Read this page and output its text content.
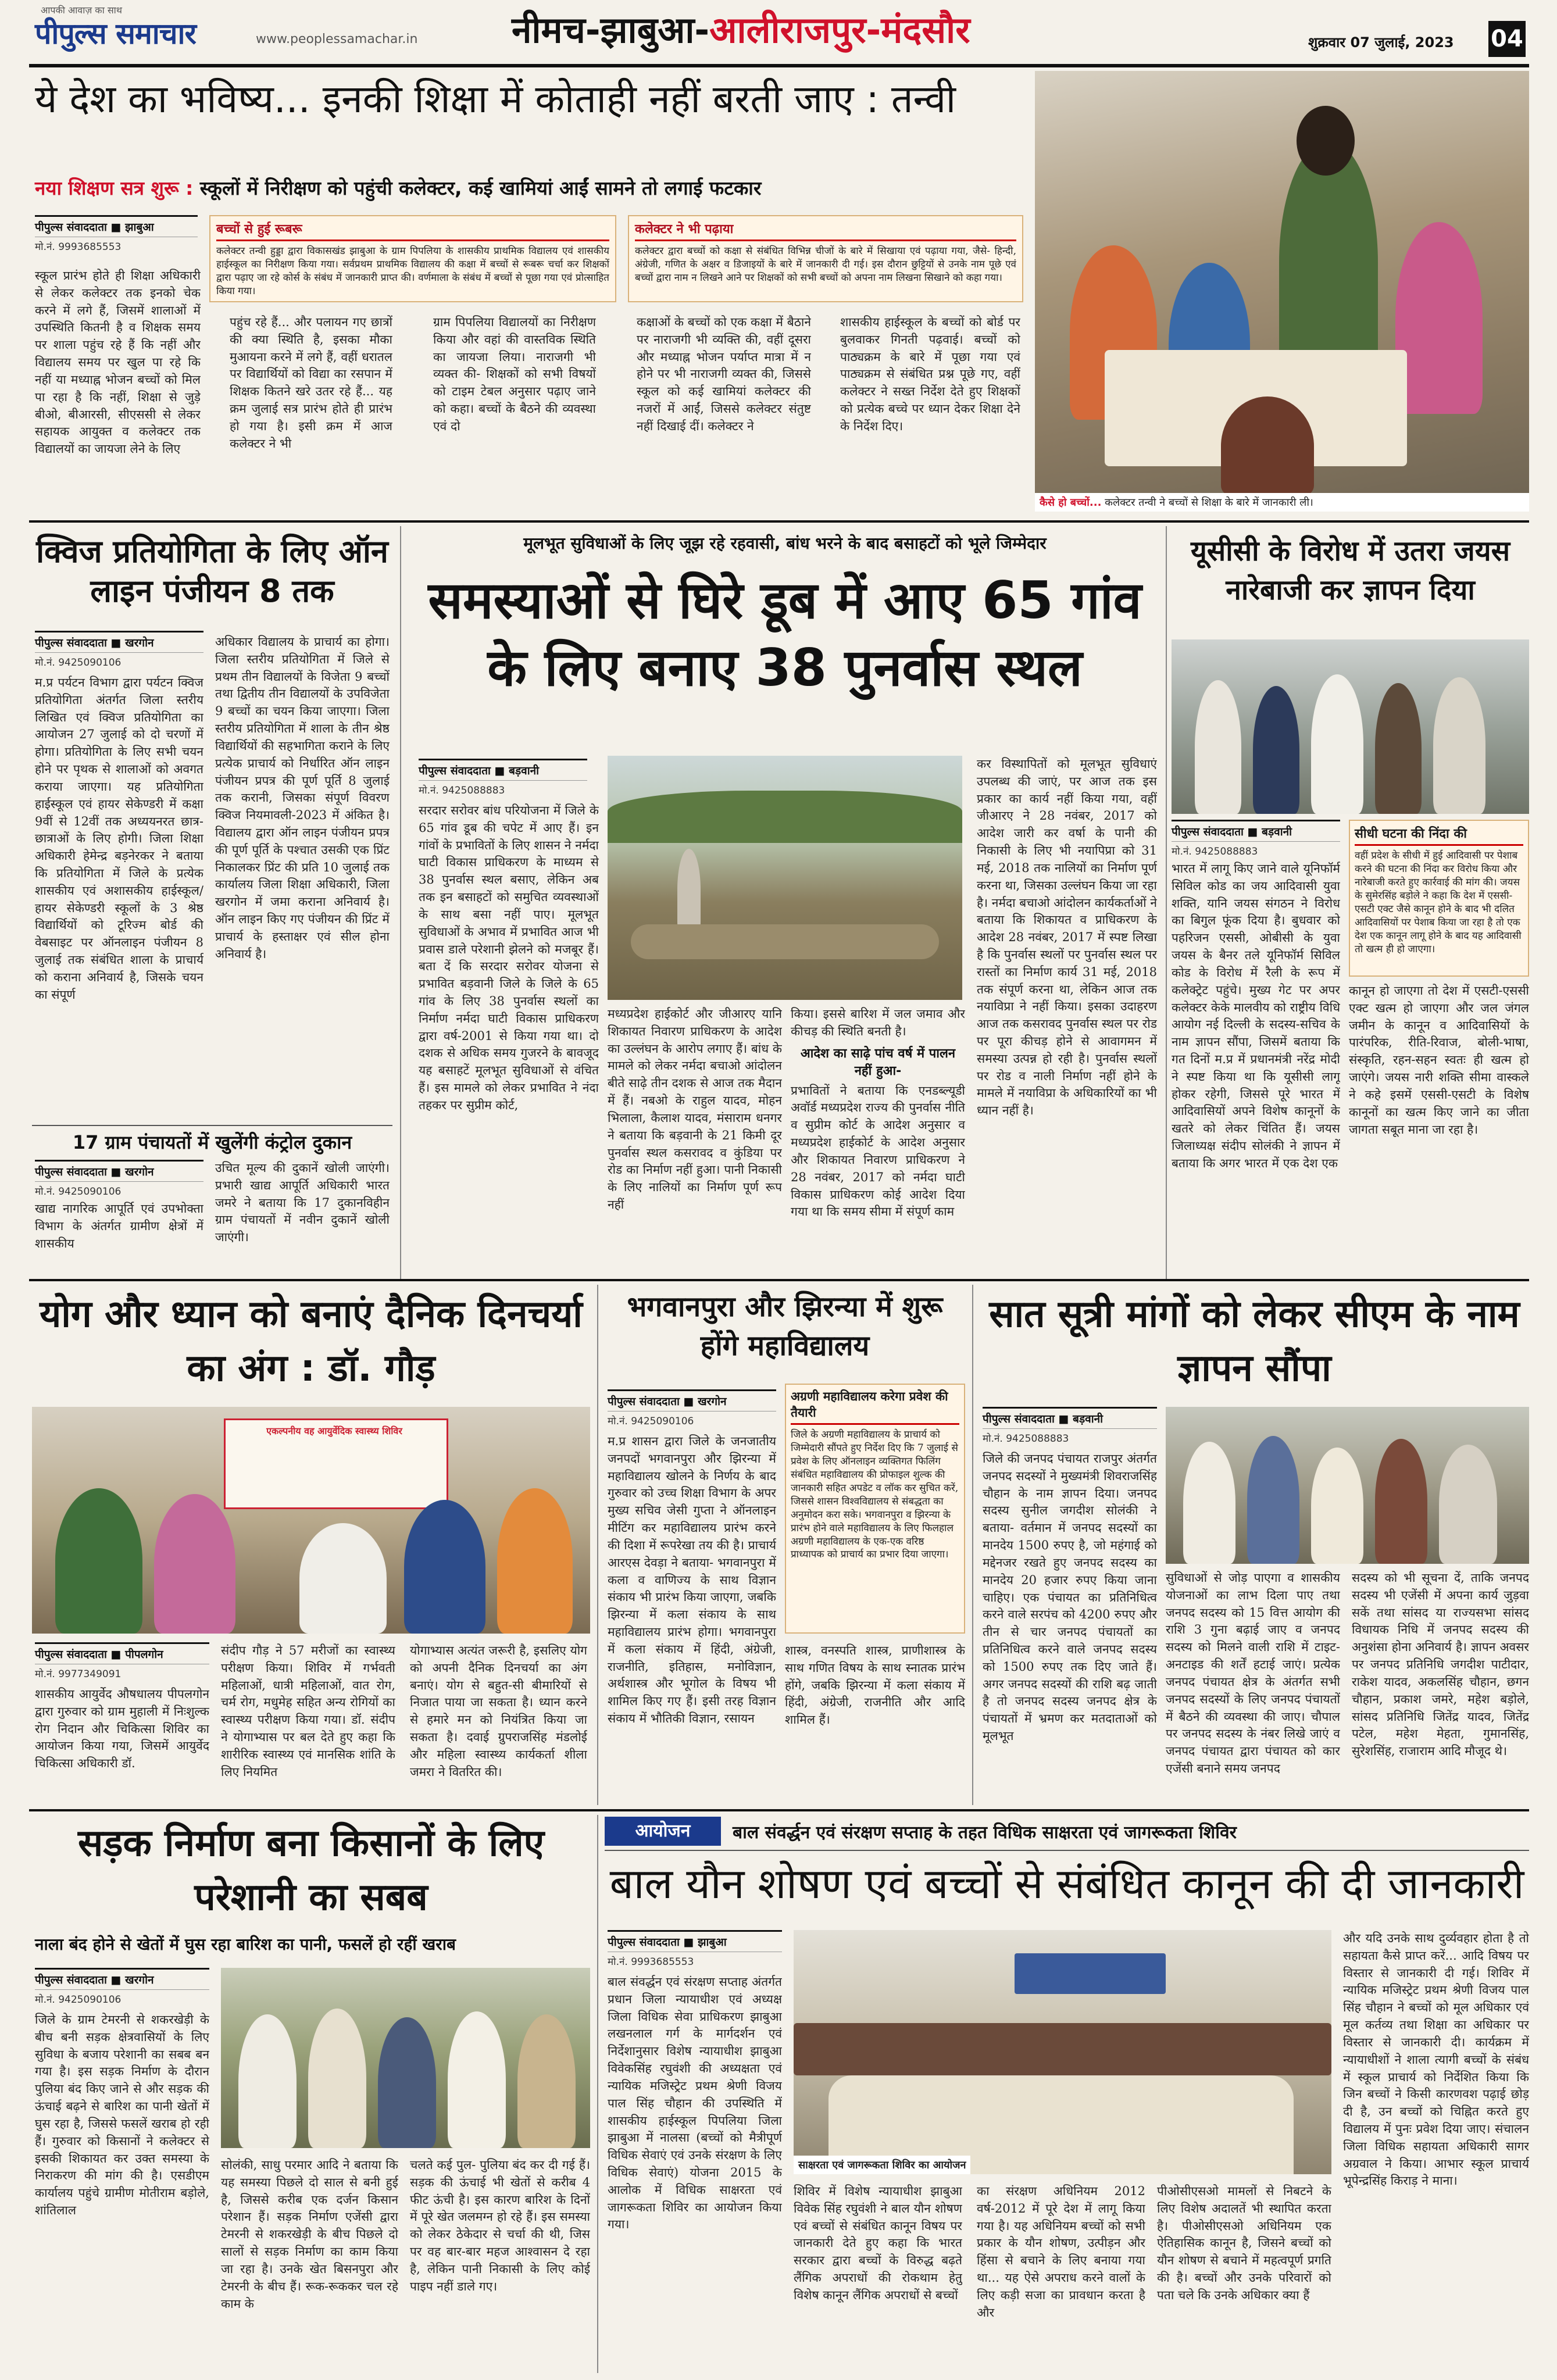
आपकी आवाज़ का साथ
पीपुल्स समाचार	www.peoplessamachar.in	नीमच-झाबुआ-आलीराजपुर-मंदसौर	शुक्रवार 07 जुलाई, 2023 04
ये देश का भविष्य... इनकी शिक्षा में कोताही नहीं बरती जाए : तन्वी
नया शिक्षण सत्र शुरू : स्कूलों में निरीक्षण को पहुंची कलेक्टर, कई खामियां आईं सामने तो लगाई फटकार
पीपुल्स संवाददाता ■ झाबुआ
मो.नं. 9993685553
बच्चों से हुई रूबरू
कलेक्टर तन्वी हुड्डा द्वारा विकासखंड झाबुआ के ग्राम पिपलिया के शासकीय प्राथमिक विद्यालय एवं शासकीय हाईस्कूल का निरीक्षण किया गया। सर्वप्रथम प्राथमिक विद्यालय की कक्षा में बच्चों से रूबरू चर्चा कर शिक्षकों द्वारा पढ़ाए जा रहे कोर्स के संबंध में जानकारी प्राप्त की। वर्णमाला के संबंध में बच्चों से पूछा गया एवं प्रोत्साहित किया गया।
कलेक्टर ने भी पढ़ाया
कलेक्टर द्वारा बच्चों को कक्षा से संबंधित विभिन्न चीजों के बारे में सिखाया एवं पढ़ाया गया, जैसे- हिन्दी, अंग्रेजी, गणित के अक्षर व डिजाइयों के बारे में जानकारी दी गई। इस दौरान छुट्टियों से उनके नाम पूछे एवं बच्चों द्वारा नाम न लिखने आने पर शिक्षकों को सभी बच्चों को अपना नाम लिखना सिखाने को कहा गया।
स्कूल प्रारंभ होते ही शिक्षा अधिकारी से लेकर कलेक्टर तक इनको चेक करने में लगे हैं, जिसमें शालाओं में उपस्थिति कितनी है व शिक्षक समय पर शाला पहुंच रहे हैं कि नहीं और विद्यालय समय पर खुल पा रहे कि नहीं या मध्याह्न भोजन बच्चों को मिल पा रहा है कि नहीं, शिक्षा से जुड़े बीओ, बीआरसी, सीएससी से लेकर सहायक आयुक्त व कलेक्टर तक विद्यालयों का जायजा लेने के लिए
पहुंच रहे हैं... और पलायन गए छात्रों की क्या स्थिति है, इसका मौका मुआयना करने में लगे हैं, वहीं धरातल पर विद्यार्थियों को विद्या का रसपान में शिक्षक कितने खरे उतर रहे हैं... यह क्रम जुलाई सत्र प्रारंभ होते ही प्रारंभ हो गया है। इसी क्रम में आज कलेक्टर ने भी
ग्राम पिपलिया विद्यालयों का निरीक्षण किया और वहां की वास्तविक स्थिति का जायजा लिया। नाराजगी भी व्यक्त की- शिक्षकों को सभी विषयों को टाइम टेबल अनुसार पढ़ाए जाने को कहा। बच्चों के बैठने की व्यवस्था एवं दो
कक्षाओं के बच्चों को एक कक्षा में बैठाने पर नाराजगी भी व्यक्ति की, वहीं दूसरा और मध्याह्न भोजन पर्याप्त मात्रा में न होने पर भी नाराजगी व्यक्त की, जिससे स्कूल को कई खामियां कलेक्टर की नजरों में आईं, जिससे कलेक्टर संतुष्ट नहीं दिखाई दीं। कलेक्टर ने
शासकीय हाईस्कूल के बच्चों को बोर्ड पर बुलवाकर गिनती पढ़वाई। बच्चों को पाठ्यक्रम के बारे में पूछा गया एवं पाठ्यक्रम से संबंधित प्रश्न पूछे गए, वहीं कलेक्टर ने सख्त निर्देश देते हुए शिक्षकों को प्रत्येक बच्चे पर ध्यान देकर शिक्षा देने के निर्देश दिए।
कैसे हो बच्चों... कलेक्टर तन्वी ने बच्चों से शिक्षा के बारे में जानकारी ली।
क्विज प्रतियोगिता के लिए ऑन लाइन पंजीयन 8 तक
पीपुल्स संवाददाता ■ खरगोन
मो.नं. 9425090106
म.प्र पर्यटन विभाग द्वारा पर्यटन क्विज प्रतियोगिता अंतर्गत जिला स्तरीय लिखित एवं क्विज प्रतियोगिता का आयोजन 27 जुलाई को दो चरणों में होगा। प्रतियोगिता के लिए सभी चयन होने पर पृथक से शालाओं को अवगत कराया जाएगा। यह प्रतियोगिता हाईस्कूल एवं हायर सेकेण्डरी में कक्षा 9वीं से 12वीं तक अध्ययनरत छात्र-छात्राओं के लिए होगी। जिला शिक्षा अधिकारी हेमेन्द्र बड़नेरकर ने बताया कि प्रतियोगिता में जिले के प्रत्येक शासकीय एवं अशासकीय हाईस्कूल/हायर सेकेण्डरी स्कूलों के 3 श्रेष्ठ विद्यार्थियों को टूरिज्म बोर्ड की वेबसाइट पर ऑनलाइन पंजीयन 8 जुलाई तक संबंधित शाला के प्राचार्य को कराना अनिवार्य है, जिसके चयन का संपूर्ण
अधिकार विद्यालय के प्राचार्य का होगा। जिला स्तरीय प्रतियोगिता में जिले से प्रथम तीन विद्यालयों के विजेता 9 बच्चों तथा द्वितीय तीन विद्यालयों के उपविजेता 9 बच्चों का चयन किया जाएगा। जिला स्तरीय प्रतियोगिता में शाला के तीन श्रेष्ठ विद्यार्थियों की सहभागिता कराने के लिए प्रत्येक प्राचार्य को निर्धारित ऑन लाइन पंजीयन प्रपत्र की पूर्ण पूर्ति 8 जुलाई तक करानी, जिसका संपूर्ण विवरण क्विज नियमावली-2023 में अंकित है। विद्यालय द्वारा ऑन लाइन पंजीयन प्रपत्र की पूर्ण पूर्ति के पश्चात उसकी एक प्रिंट निकालकर प्रिंट की प्रति 10 जुलाई तक कार्यालय जिला शिक्षा अधिकारी, जिला खरगोन में जमा कराना अनिवार्य है। ऑन लाइन किए गए पंजीयन की प्रिंट में प्राचार्य के हस्ताक्षर एवं सील होना अनिवार्य है।
17 ग्राम पंचायतों में खुलेंगी कंट्रोल दुकान
पीपुल्स संवाददाता ■ खरगोन
मो.नं. 9425090106
खाद्य नागरिक आपूर्ति एवं उपभोक्ता विभाग के अंतर्गत ग्रामीण क्षेत्रों में शासकीय
उचित मूल्य की दुकानें खोली जाएंगी। प्रभारी खाद्य आपूर्ति अधिकारी भारत जमरे ने बताया कि 17 दुकानविहीन ग्राम पंचायतों में नवीन दुकानें खोली जाएंगी।
मूलभूत सुविधाओं के लिए जूझ रहे रहवासी, बांध भरने के बाद बसाहटों को भूले जिम्मेदार
समस्याओं से घिरे डूब में आए 65 गांव के लिए बनाए 38 पुनर्वास स्थल
पीपुल्स संवाददाता ■ बड़वानी
मो.नं. 9425088883
सरदार सरोवर बांध परियोजना में जिले के 65 गांव डूब की चपेट में आए हैं। इन गांवों के प्रभावितों के लिए शासन ने नर्मदा घाटी विकास प्राधिकरण के माध्यम से 38 पुनर्वास स्थल बसाए, लेकिन अब तक इन बसाहटों को समुचित व्यवस्थाओं के साथ बसा नहीं पाए। मूलभूत सुविधाओं के अभाव में प्रभावित आज भी प्रवास डाले परेशानी झेलने को मजबूर हैं। बता दें कि सरदार सरोवर योजना से प्रभावित बड़वानी जिले के जिले के 65 गांव के लिए 38 पुनर्वास स्थलों का निर्माण नर्मदा घाटी विकास प्राधिकरण द्वारा वर्ष-2001 से किया गया था। दो दशक से अधिक समय गुजरने के बावजूद यह बसाहटें मूलभूत सुविधाओं से वंचित हैं। इस मामले को लेकर प्रभावित ने नंदा तहकर पर सुप्रीम कोर्ट,
मध्यप्रदेश हाईकोर्ट और जीआरए यानि शिकायत निवारण प्राधिकरण के आदेश का उल्लंघन के आरोप लगाए हैं। बांध के मामले को लेकर नर्मदा बचाओ आंदोलन बीते साढ़े तीन दशक से आज तक मैदान में हैं। नबओ के राहुल यादव, मोहन भिलाला, कैलाश यादव, मंसाराम धनगर ने बताया कि बड़वानी के 21 किमी दूर पुनर्वास स्थल कसरावद व कुंडिया पर रोड का निर्माण नहीं हुआ। पानी निकासी के लिए नालियों का निर्माण पूर्ण रूप नहीं
किया। इससे बारिश में जल जमाव और कीचड़ की स्थिति बनती है।
आदेश का साढ़े पांच वर्ष में पालन नहीं हुआ-
प्रभावितों ने बताया कि एनडब्ल्यूडी अवॉर्ड मध्यप्रदेश राज्य की पुनर्वास नीति व सुप्रीम कोर्ट के आदेश अनुसार व मध्यप्रदेश हाईकोर्ट के आदेश अनुसार और शिकायत निवारण प्राधिकरण ने 28 नवंबर, 2017 को नर्मदा घाटी विकास प्राधिकरण कोई आदेश दिया गया था कि समय सीमा में संपूर्ण काम
कर विस्थापितों को मूलभूत सुविधाएं उपलब्ध की जाएं, पर आज तक इस प्रकार का कार्य नहीं किया गया, वहीं जीआरए ने 28 नवंबर, 2017 को आदेश जारी कर वर्षा के पानी की निकासी के लिए भी नयापिप्रा को 31 मई, 2018 तक नालियों का निर्माण पूर्ण करना था, जिसका उल्लंघन किया जा रहा है। नर्मदा बचाओ आंदोलन कार्यकर्ताओं ने बताया कि शिकायत व प्राधिकरण के आदेश 28 नवंबर, 2017 में स्पष्ट लिखा है कि पुनर्वास स्थलों पर पुनर्वास स्थल पर रास्तों का निर्माण कार्य 31 मई, 2018 तक संपूर्ण करना था, लेकिन आज तक नयाविप्रा ने नहीं किया। इसका उदाहरण आज तक कसरावद पुनर्वास स्थल पर रोड पर पूरा कीचड़ होने से आवागमन में समस्या उत्पन्न हो रही है। पुनर्वास स्थलों पर रोड व नाली निर्माण नहीं होने के मामले में नयाविप्रा के अधिकारियों का भी ध्यान नहीं है।
यूसीसी के विरोध में उतरा जयस नारेबाजी कर ज्ञापन दिया
पीपुल्स संवाददाता ■ बड़वानी
मो.नं. 9425088883
सीधी घटना की निंदा की
वहीं प्रदेश के सीधी में हुई आदिवासी पर पेशाब करने की घटना की निंदा कर विरोध किया और नारेबाजी करते हुए कार्रवाई की मांग की। जयस के सुमेरसिंह बड़ोले ने कहा कि देश में एससी-एसटी एक्ट जैसे कानून होने के बाद भी दलित आदिवासियों पर पेशाब किया जा रहा है तो एक देश एक कानून लागू होने के बाद यह आदिवासी तो खत्म ही हो जाएगा।
भारत में लागू किए जाने वाले यूनिफॉर्म सिविल कोड का जय आदिवासी युवा शक्ति, यानि जयस संगठन ने विरोध का बिगुल फूंक दिया है। बुधवार को पहरिजन एससी, ओबीसी के युवा जयस के बैनर तले यूनिफॉर्म सिविल कोड के विरोध में रैली के रूप में कलेक्ट्रेट पहुंचे। मुख्य गेट पर अपर कलेक्टर केके मालवीय को राष्ट्रीय विधि आयोग नई दिल्ली के सदस्य-सचिव के नाम ज्ञापन सौंपा, जिसमें बताया कि गत दिनों म.प्र में प्रधानमंत्री नरेंद्र मोदी ने स्पष्ट किया था कि यूसीसी लागू होकर रहेगी, जिससे पूरे भारत में आदिवासियों अपने विशेष कानूनों के खतरे को लेकर चिंतित हैं। जयस जिलाध्यक्ष संदीप सोलंकी ने ज्ञापन में बताया कि अगर भारत में एक देश एक
कानून हो जाएगा तो देश में एसटी-एससी एक्ट खत्म हो जाएगा और जल जंगल जमीन के कानून व आदिवासियों के पारंपरिक, रीति-रिवाज, बोली-भाषा, संस्कृति, रहन-सहन स्वतः ही खत्म हो जाएंगे। जयस नारी शक्ति सीमा वास्कले ने कहे इसमें एससी-एसटी के विशेष कानूनों का खत्म किए जाने का जीता जागता सबूत माना जा रहा है।
योग और ध्यान को बनाएं दैनिक दिनचर्या का अंग : डॉ. गौड़
एकल्पनीय वह आयुर्वेदिक स्वास्थ्य शिविर
पीपुल्स संवाददाता ■ पीपलगोन
मो.नं. 9977349091
शासकीय आयुर्वेद औषधालय पीपलगोन द्वारा गुरुवार को ग्राम मुहाली में निःशुल्क रोग निदान और चिकित्सा शिविर का आयोजन किया गया, जिसमें आयुर्वेद चिकित्सा अधिकारी डॉ.
संदीप गौड़ ने 57 मरीजों का स्वास्थ्य परीक्षण किया। शिविर में गर्भवती महिलाओं, धात्री महिलाओं, वात रोग, चर्म रोग, मधुमेह सहित अन्य रोगियों का स्वास्थ्य परीक्षण किया गया। डॉ. संदीप ने योगाभ्यास पर बल देते हुए कहा कि शारीरिक स्वास्थ्य एवं मानसिक शांति के लिए नियमित
योगाभ्यास अत्यंत जरूरी है, इसलिए योग को अपनी दैनिक दिनचर्या का अंग बनाएं। योग से बहुत-सी बीमारियों से निजात पाया जा सकता है। ध्यान करने से हमारे मन को नियंत्रित किया जा सकता है। दवाई ग्रुपराजसिंह मंडलोई और महिला स्वास्थ्य कार्यकर्ता शीला जमरा ने वितरित की।
भगवानपुरा और झिरन्या में शुरू होंगे महाविद्यालय
पीपुल्स संवाददाता ■ खरगोन
मो.नं. 9425090106
अग्रणी महाविद्यालय करेगा प्रवेश की तैयारी
जिले के अग्रणी महाविद्यालय के प्राचार्य को जिम्मेदारी सौंपते हुए निर्देश दिए कि 7 जुलाई से प्रवेश के लिए ऑनलाइन व्यक्तिगत फिलिंग संबंधित महाविद्यालय की प्रोफाइल शुल्क की जानकारी सहित अपडेट व लॉक कर सुचित करें, जिससे शासन विश्वविद्यालय से संबद्धता का अनुमोदन करा सके। भगवानपुरा व झिरन्या के प्रारंभ होने वाले महाविद्यालय के लिए फिलहाल अग्रणी महाविद्यालय के एक-एक वरिष्ठ प्राध्यापक को प्राचार्य का प्रभार दिया जाएगा।
म.प्र शासन द्वारा जिले के जनजातीय जनपदों भगवानपुरा और झिरन्या में महाविद्यालय खोलने के निर्णय के बाद गुरुवार को उच्च शिक्षा विभाग के अपर मुख्य सचिव जेसी गुप्ता ने ऑनलाइन मीटिंग कर महाविद्यालय प्रारंभ करने की दिशा में रूपरेखा तय की है। प्राचार्य आरएस देवड़ा ने बताया- भगवानपुरा में कला व वाणिज्य के साथ विज्ञान संकाय भी प्रारंभ किया जाएगा, जबकि झिरन्या में कला संकाय के साथ महाविद्यालय प्रारंभ होगा। भगवानपुरा में कला संकाय में हिंदी, अंग्रेजी, राजनीति, इतिहास, मनोविज्ञान, अर्थशास्त्र और भूगोल के विषय भी शामिल किए गए हैं। इसी तरह विज्ञान संकाय में भौतिकी विज्ञान, रसायन
शास्त्र, वनस्पति शास्त्र, प्राणीशास्त्र के साथ गणित विषय के साथ स्नातक प्रारंभ होंगे, जबकि झिरन्या में कला संकाय में हिंदी, अंग्रेजी, राजनीति और आदि शामिल हैं।
सात सूत्री मांगों को लेकर सीएम के नाम ज्ञापन सौंपा
पीपुल्स संवाददाता ■ बड़वानी
मो.नं. 9425088883
जिले की जनपद पंचायत राजपुर अंतर्गत जनपद सदस्यों ने मुख्यमंत्री शिवराजसिंह चौहान के नाम ज्ञापन दिया। जनपद सदस्य सुनील जगदीश सोलंकी ने बताया- वर्तमान में जनपद सदस्यों का मानदेय 1500 रुपए है, जो महंगाई को मद्देनजर रखते हुए जनपद सदस्य का मानदेय 20 हजार रुपए किया जाना चाहिए। एक पंचायत का प्रतिनिधित्व करने वाले सरपंच को 4200 रुपए और तीन से चार जनपद पंचायतों का प्रतिनिधित्व करने वाले जनपद सदस्य को 1500 रुपए तक दिए जाते हैं। अगर जनपद सदस्यों की राशि बढ़ जाती है तो जनपद सदस्य जनपद क्षेत्र के पंचायतों में भ्रमण कर मतदाताओं को मूलभूत
सुविधाओं से जोड़ पाएगा व शासकीय योजनाओं का लाभ दिला पाए तथा जनपद सदस्य को 15 वित्त आयोग की राशि 3 गुना बढ़ाई जाए व जनपद सदस्य को मिलने वाली राशि में टाइट-अनटाइड की शर्तें हटाई जाएं। प्रत्येक जनपद पंचायत क्षेत्र के अंतर्गत सभी जनपद सदस्यों के लिए जनपद पंचायतों में बैठने की व्यवस्था की जाए। चौपाल पर जनपद सदस्य के नंबर लिखे जाएं व जनपद पंचायत द्वारा पंचायत को कार एजेंसी बनाने समय जनपद
सदस्य को भी सूचना दें, ताकि जनपद सदस्य भी एजेंसी में अपना कार्य जुड़वा सकें तथा सांसद या राज्यसभा सांसद विधायक निधि में जनपद सदस्य की अनुशंसा होना अनिवार्य है। ज्ञापन अवसर पर जनपद प्रतिनिधि जगदीश पाटीदार, राकेश यादव, अकलसिंह चौहान, छगन चौहान, प्रकाश जमरे, महेश बड़ोले, सांसद प्रतिनिधि जितेंद्र यादव, जितेंद्र पटेल, महेश मेहता, गुमानसिंह, सुरेशसिंह, राजाराम आदि मौजूद थे।
सड़क निर्माण बना किसानों के लिए परेशानी का सबब
नाला बंद होने से खेतों में घुस रहा बारिश का पानी, फसलें हो रहीं खराब
पीपुल्स संवाददाता ■ खरगोन
मो.नं. 9425090106
जिले के ग्राम टेमरनी से शकरखेड़ी के बीच बनी सड़क क्षेत्रवासियों के लिए सुविधा के बजाय परेशानी का सबब बन गया है। इस सड़क निर्माण के दौरान पुलिया बंद किए जाने से और सड़क की ऊंचाई बढ़ने से बारिश का पानी खेतों में घुस रहा है, जिससे फसलें खराब हो रही हैं। गुरुवार को किसानों ने कलेक्टर से इसकी शिकायत कर उक्त समस्या के निराकरण की मांग की है। एसडीएम कार्यालय पहुंचे ग्रामीण मोतीराम बड़ोले, शांतिलाल
सोलंकी, साधु परमार आदि ने बताया कि यह समस्या पिछले दो साल से बनी हुई है, जिससे करीब एक दर्जन किसान परेशान हैं। सड़क निर्माण एजेंसी द्वारा टेमरनी से शकरखेड़ी के बीच पिछले दो सालों से सड़क निर्माण का काम किया जा रहा है। उनके खेत बिसनपुरा और टेमरनी के बीच हैं। रूक-रूककर चल रहे काम के
चलते कई पुल- पुलिया बंद कर दी गई हैं। सड़क की ऊंचाई भी खेतों से करीब 4 फीट ऊंची है। इस कारण बारिश के दिनों में पूरे खेत जलमग्न हो रहे हैं। इस समस्या को लेकर ठेकेदार से चर्चा की थी, जिस पर वह बार-बार महज आश्वासन दे रहा है, लेकिन पानी निकासी के लिए कोई पाइप नहीं डाले गए।
आयोजन	बाल संवर्द्धन एवं संरक्षण सप्ताह के तहत विधिक साक्षरता एवं जागरूकता शिविर
बाल यौन शोषण एवं बच्चों से संबंधित कानून की दी जानकारी
पीपुल्स संवाददाता ■ झाबुआ
मो.नं. 9993685553
साक्षरता एवं जागरूकता शिविर का आयोजन
बाल संवर्द्धन एवं संरक्षण सप्ताह अंतर्गत प्रधान जिला न्यायाधीश एवं अध्यक्ष जिला विधिक सेवा प्राधिकरण झाबुआ लखनलाल गर्ग के मार्गदर्शन एवं निर्देशानुसार विशेष न्यायाधीश झाबुआ विवेकसिंह रघुवंशी की अध्यक्षता एवं न्यायिक मजिस्ट्रेट प्रथम श्रेणी विजय पाल सिंह चौहान की उपस्थिति में शासकीय हाईस्कूल पिपलिया जिला झाबुआ में नालसा (बच्चों को मैत्रीपूर्ण विधिक सेवाएं एवं उनके संरक्षण के लिए विधिक सेवाएं) योजना 2015 के आलोक में विधिक साक्षरता एवं जागरूकता शिविर का आयोजन किया गया।
शिविर में विशेष न्यायाधीश झाबुआ विवेक सिंह रघुवंशी ने बाल यौन शोषण एवं बच्चों से संबंधित कानून विषय पर जानकारी देते हुए कहा कि भारत सरकार द्वारा बच्चों के विरुद्ध बढ़ते लैंगिक अपराधों की रोकथाम हेतु विशेष कानून लैंगिक अपराधों से बच्चों
का संरक्षण अधिनियम 2012 वर्ष-2012 में पूरे देश में लागू किया गया है। यह अधिनियम बच्चों को सभी प्रकार के यौन शोषण, उत्पीड़न और हिंसा से बचाने के लिए बनाया गया था... यह ऐसे अपराध करने वालों के लिए कड़ी सजा का प्रावधान करता है और
पीओसीएसओ मामलों से निबटने के लिए विशेष अदालतें भी स्थापित करता है। पीओसीएसओ अधिनियम एक ऐतिहासिक कानून है, जिसने बच्चों को यौन शोषण से बचाने में महत्वपूर्ण प्रगति की है। बच्चों और उनके परिवारों को पता चले कि उनके अधिकार क्या हैं
और यदि उनके साथ दुर्व्यवहार होता है तो सहायता कैसे प्राप्त करें... आदि विषय पर विस्तार से जानकारी दी गई। शिविर में न्यायिक मजिस्ट्रेट प्रथम श्रेणी विजय पाल सिंह चौहान ने बच्चों को मूल अधिकार एवं मूल कर्तव्य तथा शिक्षा का अधिकार पर विस्तार से जानकारी दी। कार्यक्रम में न्यायाधीशों ने शाला त्यागी बच्चों के संबंध में स्कूल प्राचार्य को निर्देशित किया कि जिन बच्चों ने किसी कारणवश पढ़ाई छोड़ दी है, उन बच्चों को चिह्नित करते हुए विद्यालय में पुनः प्रवेश दिया जाए। संचालन जिला विधिक सहायता अधिकारी सागर अग्रवाल ने किया। आभार स्कूल प्राचार्य भूपेन्द्रसिंह किराड़ ने माना।
